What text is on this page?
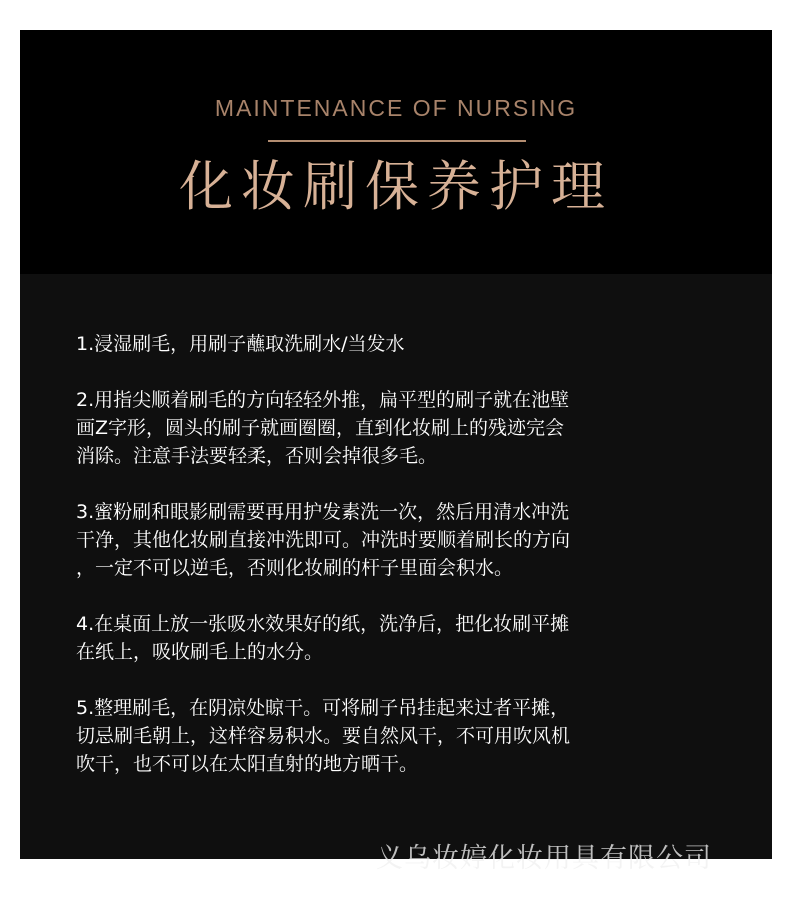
MAINTENANCE OF NURSING
化妆刷保养护理
1.浸湿刷毛，用刷子蘸取洗刷水/当发水
2.用指尖顺着刷毛的方向轻轻外推，扁平型的刷子就在池壁
画Z字形，圆头的刷子就画圈圈，直到化妆刷上的残迹完会
消除。注意手法要轻柔，否则会掉很多毛。
3.蜜粉刷和眼影刷需要再用护发素洗一次，然后用清水冲洗
干净，其他化妆刷直接冲洗即可。冲洗时要顺着刷长的方向
，一定不可以逆毛，否则化妆刷的杆子里面会积水。
4.在桌面上放一张吸水效果好的纸，洗净后，把化妆刷平摊
在纸上，吸收刷毛上的水分。
5.整理刷毛，在阴凉处晾干。可将刷子吊挂起来过者平摊，
切忌刷毛朝上，这样容易积水。要自然风干，不可用吹风机
吹干，也不可以在太阳直射的地方晒干。
义乌妆婷化妆用具有限公司
